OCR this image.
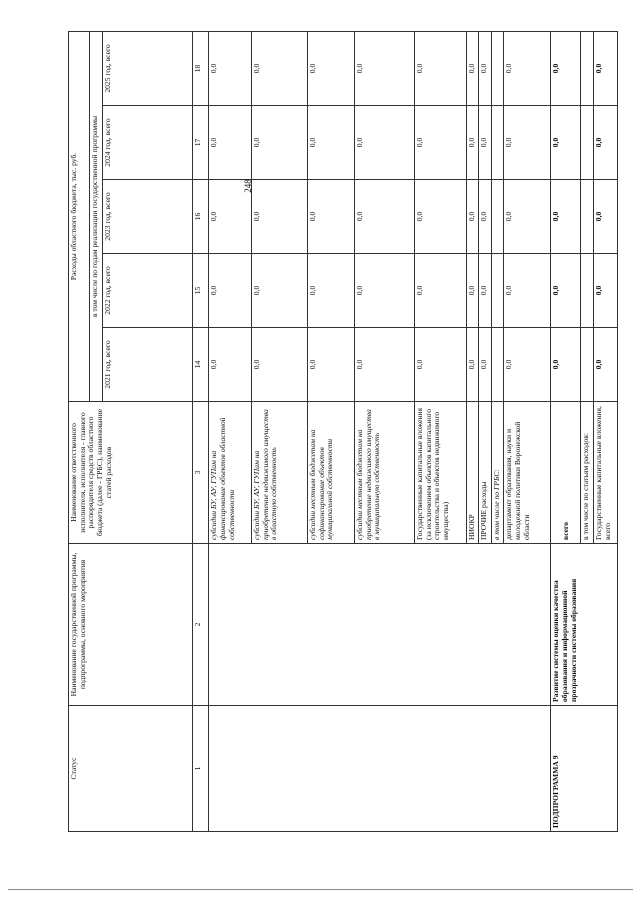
248
Статус	Наименование государственной программы, подпрограммы, основного мероприятия	Наименование ответственного исполнителя, исполнителя - главного распорядителя средств областного бюджета (далее - ГРБС), наименование статей расходов	Расходы областного бюджета, тыс. руб.				
			в том числе по годам реализации государственной программы				
			2021 год, всего	2022 год, всего	2023 год, всего	2024 год, всего	2025 год, всего
1	2	3	14	15	16	17	18
		субсидии БУ, АУ, ГУПам на финансирование объектов областной собственности	0,0	0,0	0,0	0,0	0,0
		субсидии БУ, АУ, ГУПам на приобретение недвижимого имущества в областную собственность	0,0	0,0	0,0	0,0	0,0
		субсидии местным бюджетам на софинансирование объектов муниципальной собственности	0,0	0,0	0,0	0,0	0,0
		субсидии местным бюджетам на приобретение недвижимого имущества в муниципальную собственность	0,0	0,0	0,0	0,0	0,0
		Государственные капитальные вложения (за исключением объектов капитального строительства и объектов недвижимого имущества)	0,0	0,0	0,0	0,0	0,0
		НИОКР	0,0	0,0	0,0	0,0	0,0
		ПРОЧИЕ расходы	0,0	0,0	0,0	0,0	0,0
		в том числе по ГРБС:					
		департамент образования, науки и молодежной политики Воронежской области	0,0	0,0	0,0	0,0	0,0
ПОДПРОГРАММА 9	Развитие системы оценки качества образования и информационной прозрачности системы образования	всего	0,0	0,0	0,0	0,0	0,0
		в том числе по статьям расходов:					
		Государственные капитальные вложения, всего	0,0	0,0	0,0	0,0	0,0
